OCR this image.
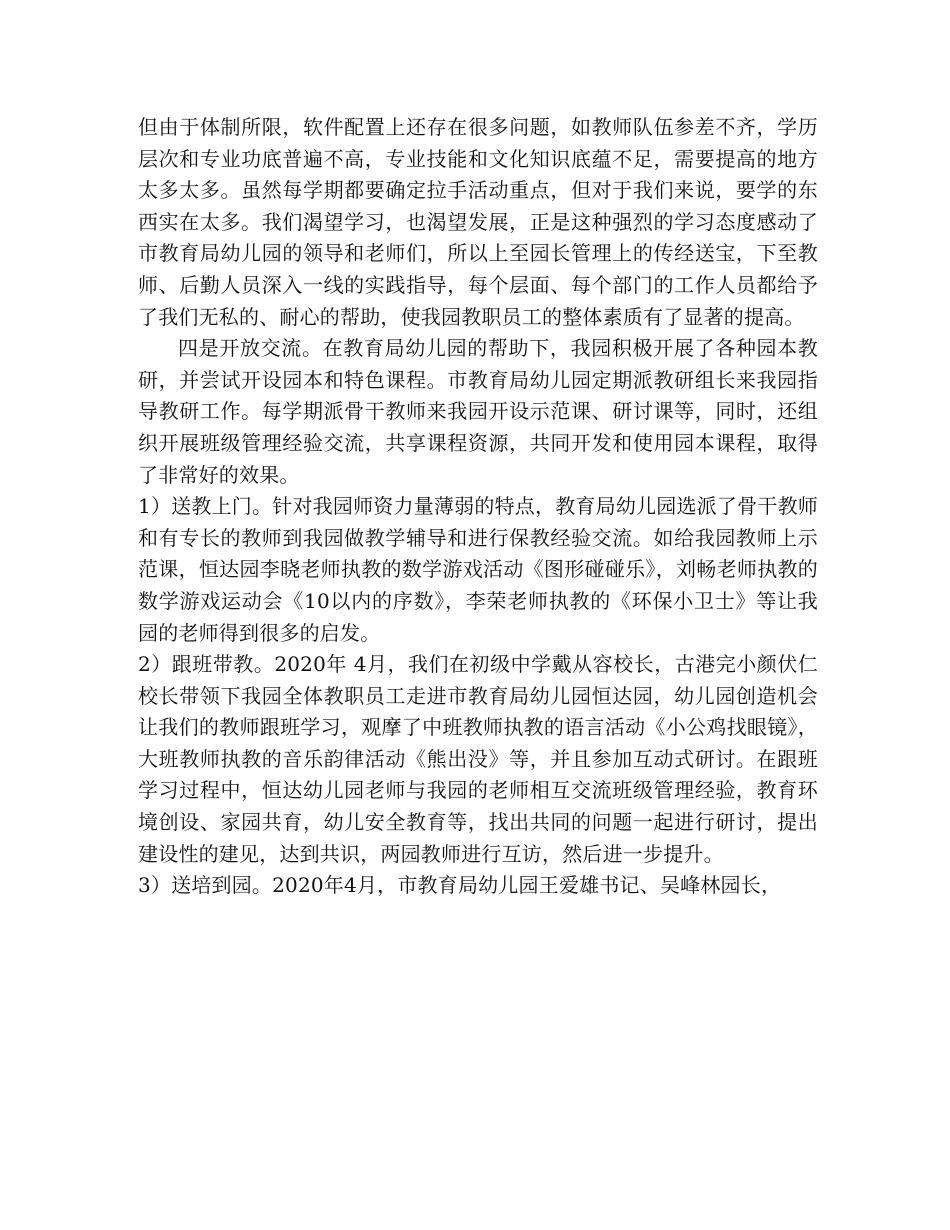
但由于体制所限，软件配置上还存在很多问题，如教师队伍参差不齐，学历层次和专业功底普遍不高，专业技能和文化知识底蕴不足，需要提高的地方太多太多。虽然每学期都要确定拉手活动重点，但对于我们来说，要学的东西实在太多。我们渴望学习，也渴望发展，正是这种强烈的学习态度感动了市教育局幼儿园的领导和老师们，所以上至园长管理上的传经送宝，下至教师、后勤人员深入一线的实践指导，每个层面、每个部门的工作人员都给予了我们无私的、耐心的帮助，使我园教职员工的整体素质有了显著的提高。

四是开放交流。在教育局幼儿园的帮助下，我园积极开展了各种园本教研，并尝试开设园本和特色课程。市教育局幼儿园定期派教研组长来我园指导教研工作。每学期派骨干教师来我园开设示范课、研讨课等，同时，还组织开展班级管理经验交流，共享课程资源，共同开发和使用园本课程，取得了非常好的效果。

1）送教上门。针对我园师资力量薄弱的特点，教育局幼儿园选派了骨干教师和有专长的教师到我园做教学辅导和进行保教经验交流。如给我园教师上示范课，恒达园李晓老师执教的数学游戏活动《图形碰碰乐》，刘畅老师执教的数学游戏运动会《10以内的序数》，李荣老师执教的《环保小卫士》等让我园的老师得到很多的启发。

2）跟班带教。2020年 4月，我们在初级中学戴从容校长，古港完小颜伏仁校长带领下我园全体教职员工走进市教育局幼儿园恒达园，幼儿园创造机会让我们的教师跟班学习，观摩了中班教师执教的语言活动《小公鸡找眼镜》，大班教师执教的音乐韵律活动《熊出没》等，并且参加互动式研讨。在跟班学习过程中，恒达幼儿园老师与我园的老师相互交流班级管理经验，教育环境创设、家园共育，幼儿安全教育等，找出共同的问题一起进行研讨，提出建设性的建见，达到共识，两园教师进行互访，然后进一步提升。

3）送培到园。2020年4月，市教育局幼儿园王爱雄书记、吴峰林园长，
